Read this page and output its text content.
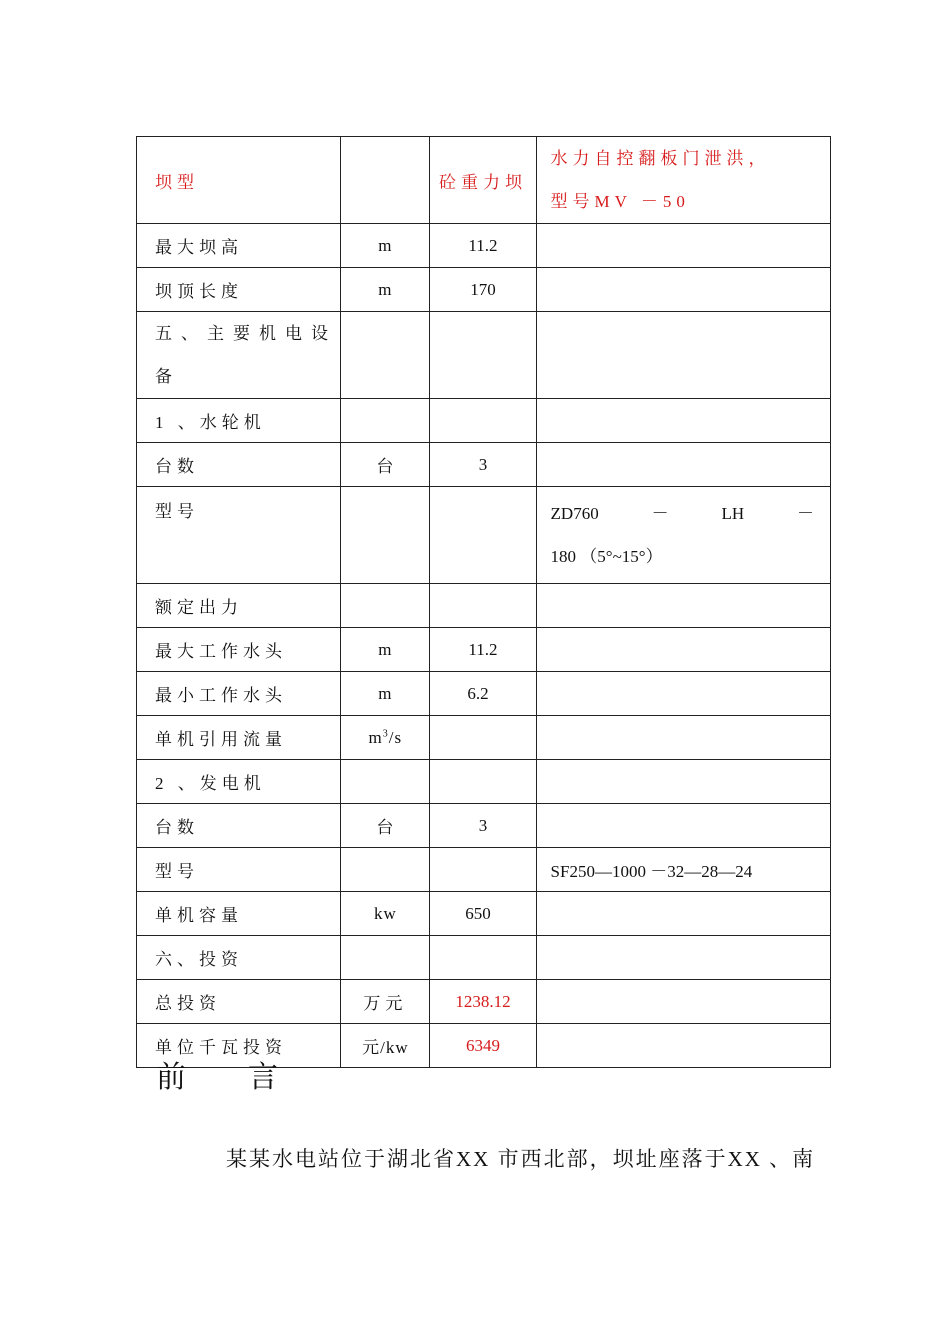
坝型		砼重力坝	水力自控翻板门泄洪，
型号MV －50

最大坝高	m	11.2	
坝顶长度	m	170	

五、主要机电设
备			

1 、水轮机			
台数	台	3	
型号			ZD760 － LH －
180 （5°~15°）

额定出力			
最大工作水头	m	11.2	
最小工作水头	m	6.2	
单机引用流量	$m^3/s$		
2 、发电机			
台数	台	3	
型号			SF250—1000 －32—28—24
单机容量	kw	650	
六、投资			
总投资	万元	1238.12	
单位千瓦投资	元/kw	6349	
前 言
某某水电站位于湖北省XX 市西北部，坝址座落于XX 、南
